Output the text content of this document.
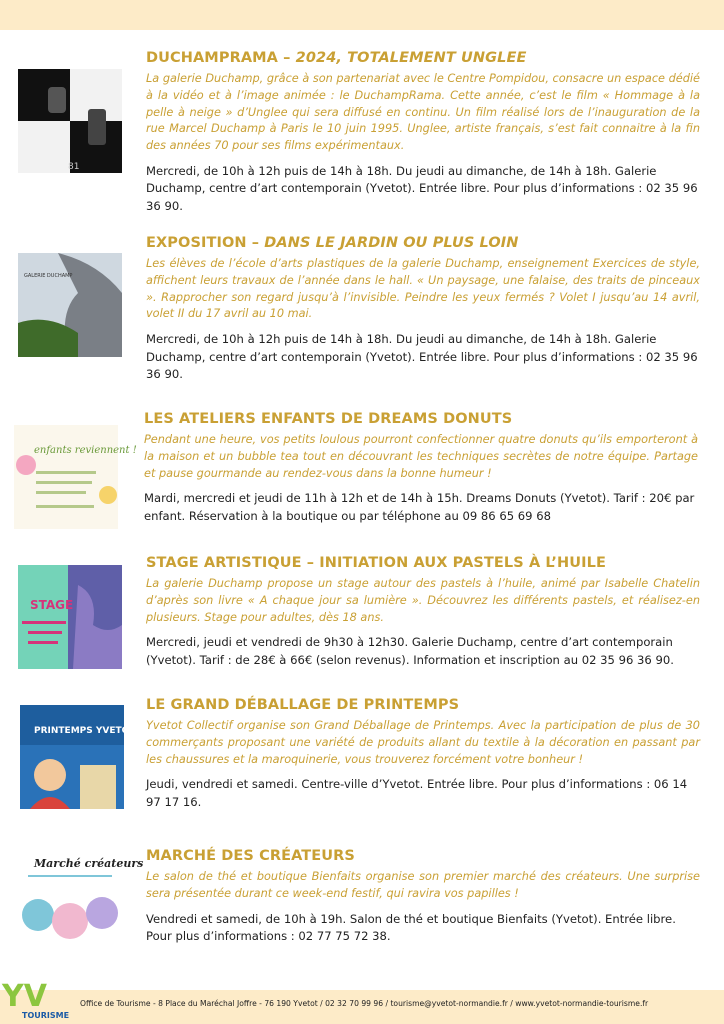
81

DUCHAMPRAMA – 2024, TOTALEMENT UNGLEE

La galerie Duchamp, grâce à son partenariat avec le Centre Pompidou, consacre un espace dédié à la vidéo et à l’image animée : le DuchampRama. Cette année, c’est le film « Hommage à la pelle à neige » d’Unglee qui sera diffusé en continu. Un film réalisé lors de l’inauguration de la rue Marcel Duchamp à Paris le 10 juin 1995. Unglee, artiste français, s’est fait connaitre à la fin des années 70 pour ses films expérimentaux.

Mercredi, de 10h à 12h puis de 14h à 18h. Du jeudi au dimanche, de 14h à 18h. Galerie Duchamp, centre d’art contemporain (Yvetot). Entrée libre. Pour plus d’informations : 02 35 96 36 90.

GALERIE DUCHAMP

EXPOSITION – DANS LE JARDIN OU PLUS LOIN

Les élèves de l’école d’arts plastiques de la galerie Duchamp, enseignement Exercices de style, affichent leurs travaux de l’année dans le hall. « Un paysage, une falaise, des traits de pinceaux ». Rapprocher son regard jusqu’à l’invisible. Peindre les yeux fermés ? Volet I jusqu’au 14 avril, volet II du 17 avril au 10 mai.

Mercredi, de 10h à 12h puis de 14h à 18h. Du jeudi au dimanche, de 14h à 18h. Galerie Duchamp, centre d’art contemporain (Yvetot). Entrée libre. Pour plus d’informations : 02 35 96 36 90.

enfants reviennent !

LES ATELIERS ENFANTS DE DREAMS DONUTS

Pendant une heure, vos petits loulous pourront confectionner quatre donuts qu’ils emporteront à la maison et un bubble tea tout en découvrant les techniques secrètes de notre équipe. Partage et pause gourmande au rendez-vous dans la bonne humeur !

Mardi, mercredi et jeudi de 11h à 12h et de 14h à 15h. Dreams Donuts (Yvetot). Tarif : 20€ par enfant. Réservation à la boutique ou par téléphone au 09 86 65 69 68

STAGE

STAGE ARTISTIQUE – INITIATION AUX PASTELS À L’HUILE

La galerie Duchamp propose un stage autour des pastels à l’huile, animé par Isabelle Chatelin d’après son livre « A chaque jour sa lumière ». Découvrez les différents pastels, et réalisez-en plusieurs. Stage pour adultes, dès 18 ans.

Mercredi, jeudi et vendredi de 9h30 à 12h30. Galerie Duchamp, centre d’art contemporain (Yvetot). Tarif : de 28€ à 66€ (selon revenus). Information et inscription au 02 35 96 36 90.

PRINTEMPS YVETOT

LE GRAND DÉBALLAGE DE PRINTEMPS

Yvetot Collectif organise son Grand Déballage de Printemps. Avec la participation de plus de 30 commerçants proposant une variété de produits allant du textile à la décoration en passant par les chaussures et la maroquinerie, vous trouverez forcément votre bonheur !

Jeudi, vendredi et samedi. Centre-ville d’Yvetot. Entrée libre. Pour plus d’informations : 06 14 97 17 16.

Marché créateurs MARCHÉ DES CRÉATEURS

Le salon de thé et boutique Bienfaits organise son premier marché des créateurs. Une surprise sera présentée durant ce week-end festif, qui ravira vos papilles !

Vendredi et samedi, de 10h à 19h. Salon de thé et boutique Bienfaits (Yvetot). Entrée libre. Pour plus d’informations : 02 77 75 72 38.

YV
TOURISME
Office de Tourisme - 8 Place du Maréchal Joffre - 76 190 Yvetot / 02 32 70 99 96 / tourisme@yvetot-normandie.fr / www.yvetot-normandie-tourisme.fr
